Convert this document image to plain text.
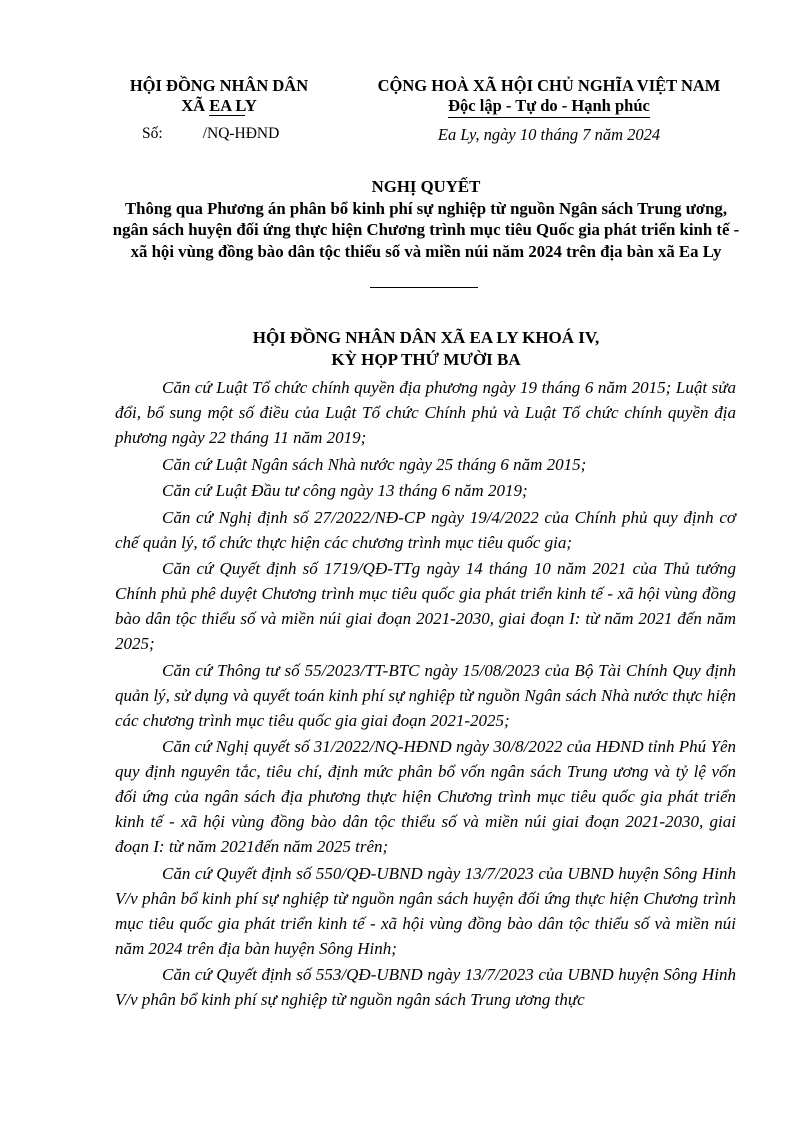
HỘI ĐỒNG NHÂN DÂN

XÃ EA LY
CỘNG HOÀ XÃ HỘI CHỦ NGHĨA VIỆT NAM
Độc lập - Tự do - Hạnh phúc
Số:	/NQ-HĐND	Ea Ly, ngày 10 tháng 7 năm 2024
NGHỊ QUYẾT
Thông qua Phương án phân bổ kinh phí sự nghiệp từ nguồn Ngân sách Trung ương, ngân sách huyện đối ứng thực hiện Chương trình mục tiêu Quốc gia phát triển kinh tế - xã hội vùng đồng bào dân tộc thiểu số và miền núi năm 2024 trên địa bàn xã Ea Ly
HỘI ĐỒNG NHÂN DÂN XÃ EA LY KHOÁ IV,
KỲ HỌP THỨ MƯỜI BA

Căn cứ Luật Tổ chức chính quyền địa phương ngày 19 tháng 6 năm 2015; Luật sửa đổi, bổ sung một số điều của Luật Tổ chức Chính phủ và Luật Tổ chức chính quyền địa phương ngày 22 tháng 11 năm 2019;

Căn cứ Luật Ngân sách Nhà nước ngày 25 tháng 6 năm 2015;

Căn cứ Luật Đầu tư công ngày 13 tháng 6 năm 2019;

Căn cứ Nghị định số 27/2022/NĐ-CP ngày 19/4/2022 của Chính phủ quy định cơ chế quản lý, tổ chức thực hiện các chương trình mục tiêu quốc gia;

Căn cứ Quyết định số 1719/QĐ-TTg ngày 14 tháng 10 năm 2021 của Thủ tướng Chính phủ phê duyệt Chương trình mục tiêu quốc gia phát triển kinh tế - xã hội vùng đồng bào dân tộc thiểu số và miền núi giai đoạn 2021-2030, giai đoạn I: từ năm 2021 đến năm 2025;

Căn cứ Thông tư số 55/2023/TT-BTC ngày 15/08/2023 của Bộ Tài Chính Quy định quản lý, sử dụng và quyết toán kinh phí sự nghiệp từ nguồn Ngân sách Nhà nước thực hiện các chương trình mục tiêu quốc gia giai đoạn 2021-2025;

Căn cứ Nghị quyết số 31/2022/NQ-HĐND ngày 30/8/2022 của HĐND tỉnh Phú Yên quy định nguyên tắc, tiêu chí, định mức phân bổ vốn ngân sách Trung ương và tỷ lệ vốn đối ứng của ngân sách địa phương thực hiện Chương trình mục tiêu quốc gia phát triển kinh tế - xã hội vùng đồng bào dân tộc thiểu số và miền núi giai đoạn 2021-2030, giai đoạn I: từ năm 2021đến năm 2025 trên;

Căn cứ Quyết định số 550/QĐ-UBND ngày 13/7/2023 của UBND huyện Sông Hinh V/v phân bổ kinh phí sự nghiệp từ nguồn ngân sách huyện đối ứng thực hiện Chương trình mục tiêu quốc gia phát triển kinh tế - xã hội vùng đồng bào dân tộc thiểu số và miền núi năm 2024 trên địa bàn huyện Sông Hinh;

Căn cứ Quyết định số 553/QĐ-UBND ngày 13/7/2023 của UBND huyện Sông Hinh V/v phân bổ kinh phí sự nghiệp từ nguồn ngân sách Trung ương thực
